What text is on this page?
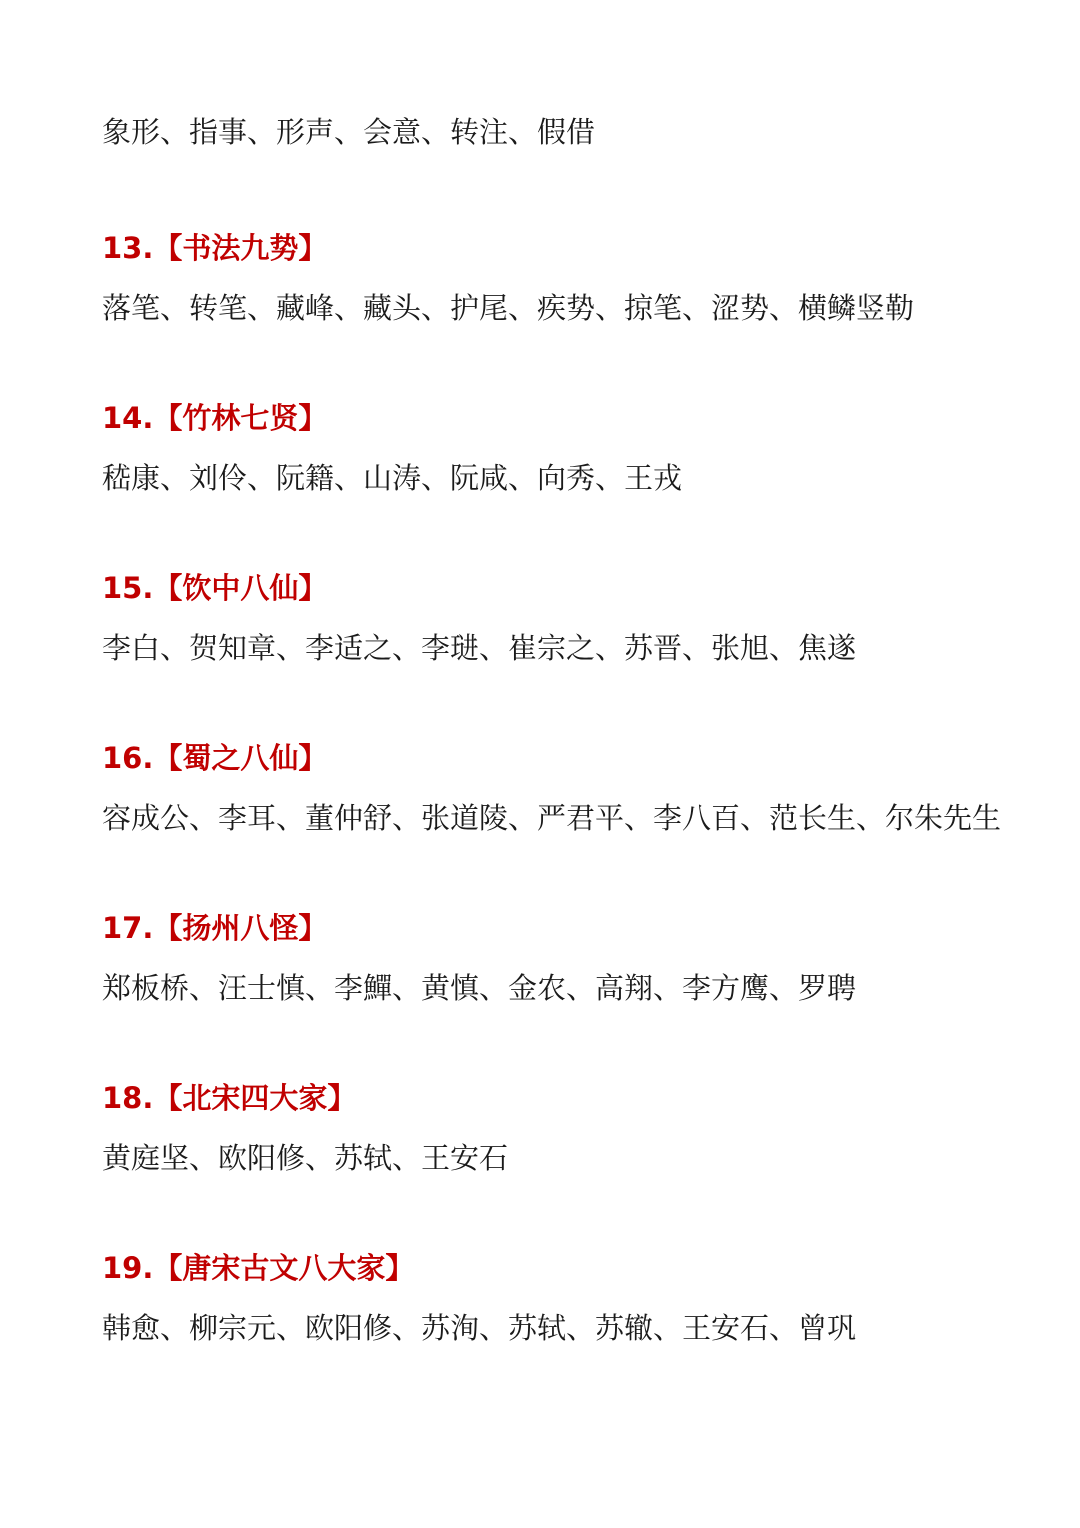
象形、指事、形声、会意、转注、假借
13.【书法九势】
落笔、转笔、藏峰、藏头、护尾、疾势、掠笔、涩势、横鳞竖勒
14.【竹林七贤】
嵇康、刘伶、阮籍、山涛、阮咸、向秀、王戎
15.【饮中八仙】
李白、贺知章、李适之、李琎、崔宗之、苏晋、张旭、焦遂
16.【蜀之八仙】
容成公、李耳、董仲舒、张道陵、严君平、李八百、范长生、尔朱先生
17.【扬州八怪】
郑板桥、汪士慎、李鱓、黄慎、金农、高翔、李方鹰、罗聘
18.【北宋四大家】
黄庭坚、欧阳修、苏轼、王安石
19.【唐宋古文八大家】
韩愈、柳宗元、欧阳修、苏洵、苏轼、苏辙、王安石、曾巩
